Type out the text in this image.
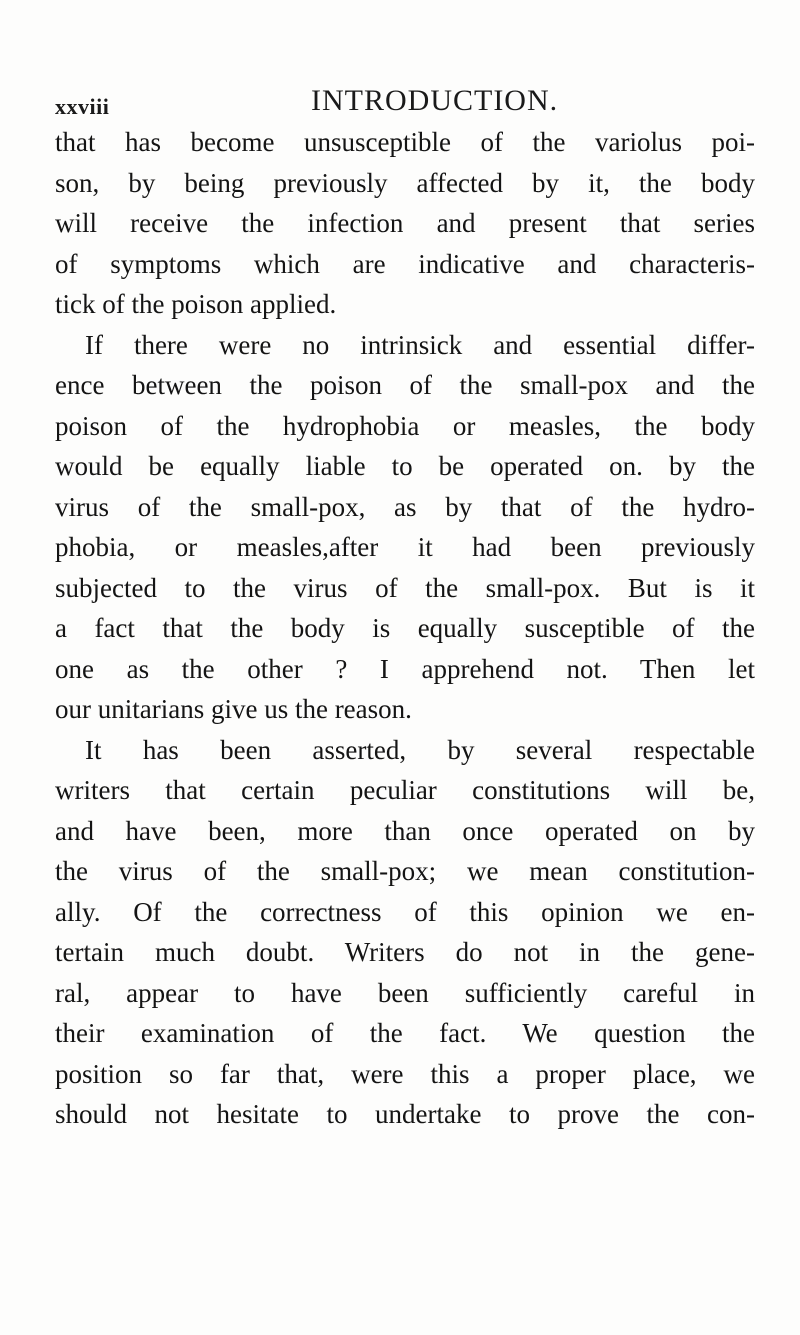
xxviii	INTRODUCTION.
that has become unsusceptible of the variolus poi-
son, by being previously affected by it, the body
will receive the infection and present that series
of symptoms which are indicative and characteris-
tick of the poison applied.
If there were no intrinsick and essential differ-
ence between the poison of the small-pox and the
poison of the hydrophobia or measles, the body
would be equally liable to be operated on. by the
virus of the small-pox, as by that of the hydro-
phobia, or measles,after it had been previously
subjected to the virus of the small-pox. But is it
a fact that the body is equally susceptible of the
one as the other ? I apprehend not. Then let
our unitarians give us the reason.
It has been asserted, by several respectable
writers that certain peculiar constitutions will be,
and have been, more than once operated on by
the virus of the small-pox; we mean constitution-
ally. Of the correctness of this opinion we en-
tertain much doubt. Writers do not in the gene-
ral, appear to have been sufficiently careful in
their examination of the fact. We question the
position so far that, were this a proper place, we
should not hesitate to undertake to prove the con-
